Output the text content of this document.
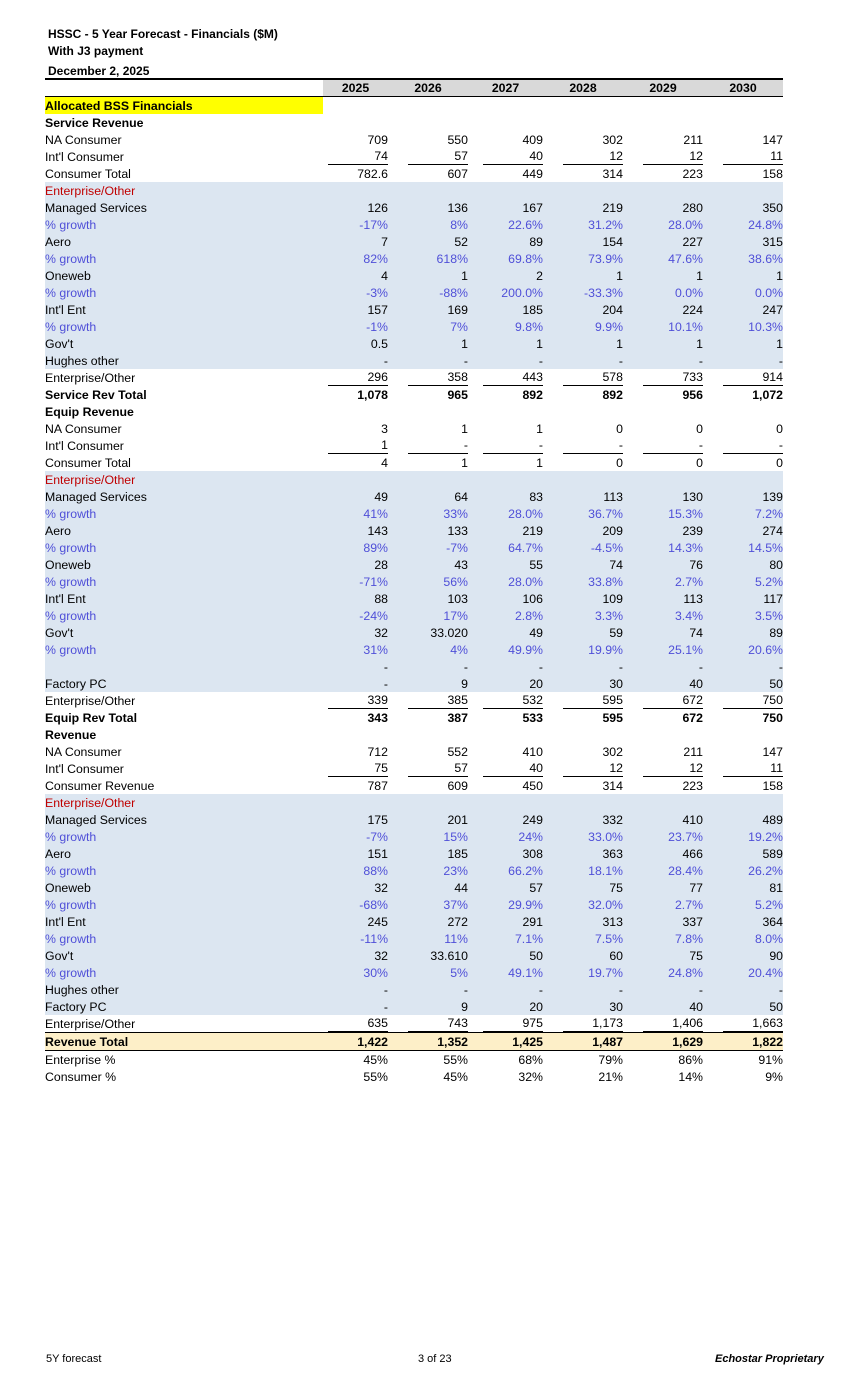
HSSC - 5 Year Forecast - Financials ($M)
With J3 payment
December 2, 2025
	2025	2026	2027	2028	2029	2030
Allocated BSS Financials						
Service Revenue						
NA Consumer	709	550	409	302	211	147
Int'l Consumer	74	57	40	12	12	11
Consumer Total	782.6	607	449	314	223	158
Enterprise/Other						
Managed Services	126	136	167	219	280	350
% growth	-17%	8%	22.6%	31.2%	28.0%	24.8%
Aero	7	52	89	154	227	315
% growth	82%	618%	69.8%	73.9%	47.6%	38.6%
Oneweb	4	1	2	1	1	1
% growth	-3%	-88%	200.0%	-33.3%	0.0%	0.0%
Int'l Ent	157	169	185	204	224	247
% growth	-1%	7%	9.8%	9.9%	10.1%	10.3%
Gov't	0.5	1	1	1	1	1
Hughes other	-	-	-	-	-	-
Enterprise/Other	296	358	443	578	733	914
Service Rev Total	1,078	965	892	892	956	1,072
Equip Revenue						
NA Consumer	3	1	1	0	0	0
Int'l Consumer	1	-	-	-	-	-
Consumer Total	4	1	1	0	0	0
Enterprise/Other						
Managed Services	49	64	83	113	130	139
% growth	41%	33%	28.0%	36.7%	15.3%	7.2%
Aero	143	133	219	209	239	274
% growth	89%	-7%	64.7%	-4.5%	14.3%	14.5%
Oneweb	28	43	55	74	76	80
% growth	-71%	56%	28.0%	33.8%	2.7%	5.2%
Int'l Ent	88	103	106	109	113	117
% growth	-24%	17%	2.8%	3.3%	3.4%	3.5%
Gov't	32	33.020	49	59	74	89
% growth	31%	4%	49.9%	19.9%	25.1%	20.6%
	-	-	-	-	-	-
Factory PC	-	9	20	30	40	50
Enterprise/Other	339	385	532	595	672	750
Equip Rev Total	343	387	533	595	672	750
Revenue						
NA Consumer	712	552	410	302	211	147
Int'l Consumer	75	57	40	12	12	11
Consumer Revenue	787	609	450	314	223	158
Enterprise/Other						
Managed Services	175	201	249	332	410	489
% growth	-7%	15%	24%	33.0%	23.7%	19.2%
Aero	151	185	308	363	466	589
% growth	88%	23%	66.2%	18.1%	28.4%	26.2%
Oneweb	32	44	57	75	77	81
% growth	-68%	37%	29.9%	32.0%	2.7%	5.2%
Int'l Ent	245	272	291	313	337	364
% growth	-11%	11%	7.1%	7.5%	7.8%	8.0%
Gov't	32	33.610	50	60	75	90
% growth	30%	5%	49.1%	19.7%	24.8%	20.4%
Hughes other	-	-	-	-	-	-
Factory PC	-	9	20	30	40	50
Enterprise/Other	635	743	975	1,173	1,406	1,663
Revenue Total	1,422	1,352	1,425	1,487	1,629	1,822
Enterprise %	45%	55%	68%	79%	86%	91%
Consumer %	55%	45%	32%	21%	14%	9%
5Y forecast	3 of 23	Echostar Proprietary
